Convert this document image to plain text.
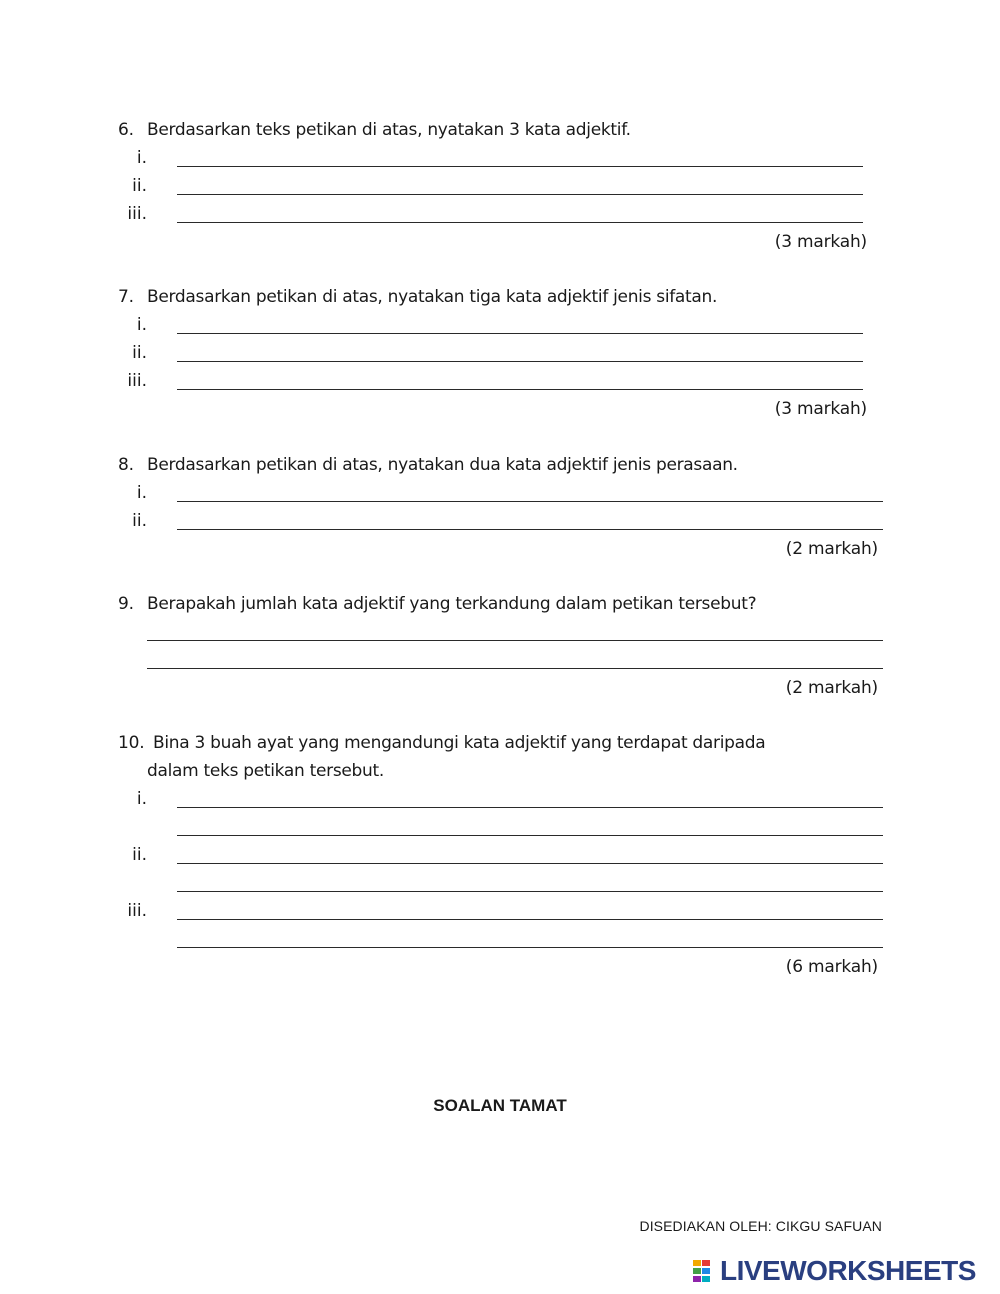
6. Berdasarkan teks petikan di atas, nyatakan 3 kata adjektif.
i.
ii.
iii.
(3 markah)
7. Berdasarkan petikan di atas, nyatakan tiga kata adjektif jenis sifatan.
i.
ii.
iii.
(3 markah)
8. Berdasarkan petikan di atas, nyatakan dua kata adjektif jenis perasaan.
i.
ii.
(2 markah)
9. Berapakah jumlah kata adjektif yang terkandung dalam petikan tersebut?
(2 markah)
10. Bina 3 buah ayat yang mengandungi kata adjektif yang terdapat daripada
dalam teks petikan tersebut.
i.
ii.
iii.
(6 markah)
SOALAN TAMAT
DISEDIAKAN OLEH: CIKGU SAFUAN
LIVEWORKSHEETS
